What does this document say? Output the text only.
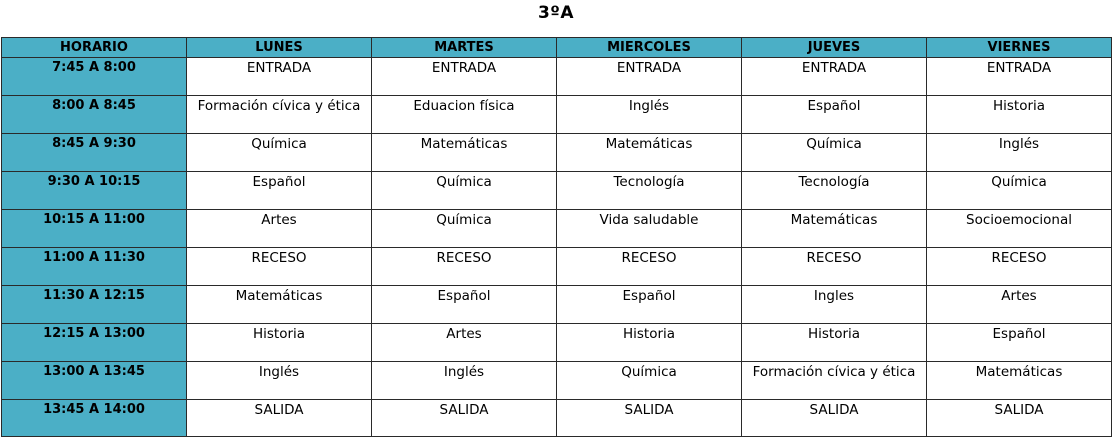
3ºA
HORARIO	LUNES	MARTES	MIERCOLES	JUEVES	VIERNES
7:45 A 8:00	ENTRADA	ENTRADA	ENTRADA	ENTRADA	ENTRADA
8:00 A 8:45	Formación cívica y ética	Eduacion física	Inglés	Español	Historia
8:45 A 9:30	Química	Matemáticas	Matemáticas	Química	Inglés
9:30 A 10:15	Español	Química	Tecnología	Tecnología	Química
10:15 A 11:00	Artes	Química	Vida saludable	Matemáticas	Socioemocional
11:00 A 11:30	RECESO	RECESO	RECESO	RECESO	RECESO
11:30 A 12:15	Matemáticas	Español	Español	Ingles	Artes
12:15 A 13:00	Historia	Artes	Historia	Historia	Español
13:00 A 13:45	Inglés	Inglés	Química	Formación cívica y ética	Matemáticas
13:45 A 14:00	SALIDA	SALIDA	SALIDA	SALIDA	SALIDA
